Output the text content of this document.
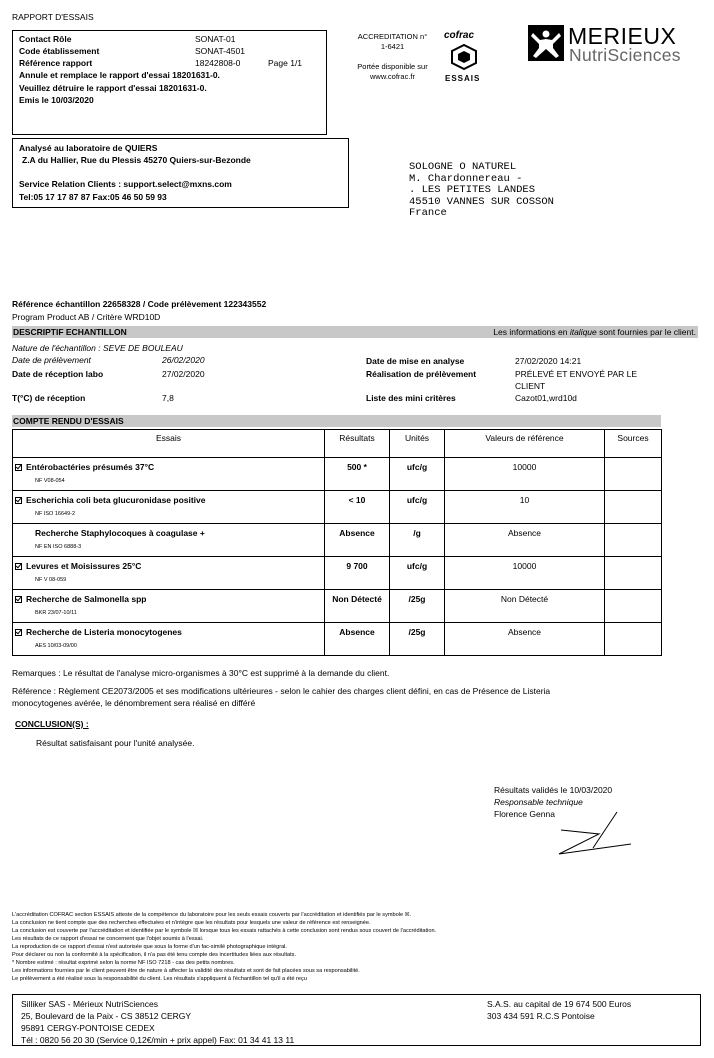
RAPPORT D'ESSAIS
Contact Rôle	SONAT-01
Code établissement	SONAT-4501
Référence rapport	18242808-0	Page 1/1
Annule et remplace le rapport d'essai 18201631-0.
Veuillez détruire le rapport d'essai 18201631-0.
Emis le 10/03/2020
ACCREDITATION n°
1-6421
Portée disponible sur
www.cofrac.fr
cofrac
ESSAIS
MERIEUX
NutriSciences
Analysé au laboratoire de QUIERS
Z.A du Hallier, Rue du Plessis 45270 Quiers-sur-Bezonde
Service Relation Clients : support.select@mxns.com
Tel:05 17 17 87 87 Fax:05 46 50 59 93
SOLOGNE O NATUREL
M. Chardonnereau -
. LES PETITES LANDES
45510 VANNES SUR COSSON
France
Référence échantillon 22658328 / Code prélèvement 122343552
Program Product AB / Critère WRD10D
DESCRIPTIF ECHANTILLON	Les informations en italique sont fournies par le client.
Nature de l'échantillon : SEVE DE BOULEAU
Date de prélèvement	26/02/2020
Date de réception labo	27/02/2020
T(°C) de réception	7,8
Date de mise en analyse	27/02/2020 14:21
Réalisation de prélèvement	PRÉLEVÉ ET ENVOYÉ PAR LE
CLIENT
Liste des mini critères	Cazot01,wrd10d
COMPTE RENDU D'ESSAIS
Essais	Résultats	Unités	Valeurs de référence	Sources
Entérobactéries présumés 37°C
NF V08-054	500 *	ufc/g	10000	
Escherichia coli beta glucuronidase positive
NF ISO 16649-2	< 10	ufc/g	10	
Recherche Staphylocoques à coagulase +
NF EN ISO 6888-3	Absence	/g	Absence	
Levures et Moisissures 25°C
NF V 08-059	9 700	ufc/g	10000	
Recherche de Salmonella spp
BKR 23/07-10/11	Non Détecté	/25g	Non Détecté	
Recherche de Listeria monocytogenes
AES 10/03-09/00	Absence	/25g	Absence	
Remarques : Le résultat de l'analyse micro-organismes à 30°C est supprimé à la demande du client.
Référence : Règlement CE2073/2005 et ses modifications ultérieures - selon le cahier des charges client défini, en cas de Présence de Listeria
monocytogenes avérée, le dénombrement sera réalisé en différé
CONCLUSION(S) :
Résultat satisfaisant pour l'unité analysée.
Résultats validés le 10/03/2020
Responsable technique
Florence Genna
L'accréditation COFRAC section ESSAIS atteste de la compétence du laboratoire pour les seuls essais couverts par l'accréditation et identifiés par le symbole ☒.
La conclusion ne tient compte que des recherches effectuées et n'intègre que les résultats pour lesquels une valeur de référence est renseignée.
La conclusion est couverte par l'accréditation et identifiée par le symbole ☒ lorsque tous les essais rattachés à cette conclusion sont rendus sous couvert de l'accréditation.
Les résultats de ce rapport d'essai ne concernent que l'objet soumis à l'essai.
La reproduction de ce rapport d'essai n'est autorisée que sous la forme d'un fac-similé photographique intégral.
Pour déclarer ou non la conformité à la spécification, il n'a pas été tenu compte des incertitudes liées aux résultats.
* Nombre estimé : résultat exprimé selon la norme NF ISO 7218 - cas des petits nombres.
Les informations fournies par le client peuvent être de nature à affecter la validité des résultats et sont de fait placées sous sa responsabilité.
Le prélèvement a été réalisé sous la responsabilité du client. Les résultats s'appliquent à l'échantillon tel qu'il a été reçu
Silliker SAS - Mérieux NutriSciences
25, Boulevard de la Paix - CS 38512 CERGY
95891 CERGY-PONTOISE CEDEX
Tél : 0820 56 20 30 (Service 0,12€/min + prix appel) Fax: 01 34 41 13 11
S.A.S. au capital de 19 674 500 Euros
303 434 591 R.C.S Pontoise
